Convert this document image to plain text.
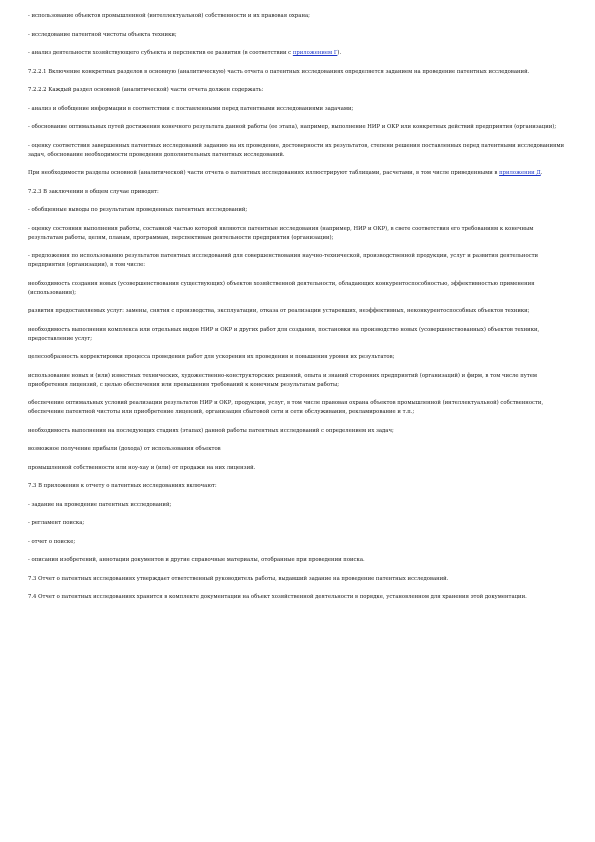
- использование объектов промышленной (интеллектуальной) собственности и их правовая охрана;

- исследование патентной чистоты объекта техники;

- анализ деятельности хозяйствующего субъекта и перспектив ее развития (в соответствии с приложением Г).

7.2.2.1 Включение конкретных разделов в основную (аналитическую) часть отчета о патентных исследованиях определяется заданием на проведение патентных исследований.

7.2.2.2 Каждый раздел основной (аналитической) части отчета должен содержать:

- анализ и обобщение информации в соответствии с поставленными перед патентными исследованиями задачами;

- обоснование оптимальных путей достижения конечного результата данной работы (ее этапа), например, выполнение НИР и ОКР или конкретных действий предприятия (организации);

- оценку соответствия завершенных патентных исследований заданию на их проведение, достоверности их результатов, степени решения поставленных перед патентными исследованиями задач, обоснование необходимости проведения дополнительных патентных исследований.

При необходимости разделы основной (аналитической) части отчета о патентных исследованиях иллюстрируют таблицами, расчетами, в том числе приведенными в приложении Д.

7.2.3 В заключении в общем случае приводят:

- обобщенные выводы по результатам проведенных патентных исследований;

- оценку состояния выполнения работы, составной частью которой являются патентные исследования (например, НИР и ОКР), в свете соответствия его требованиям к конечным результатам работы, целям, планам, программам, перспективам деятельности предприятия (организации);

- предложения по использованию результатов патентных исследований для совершенствования научно-технической, производственной продукции, услуг и развития деятельности предприятия (организации), в том числе:

необходимость создания новых (усовершенствования существующих) объектов хозяйственной деятельности, обладающих конкурентоспособностью, эффективностью применения (использования);

развития предоставляемых услуг: замены, снятия с производства, эксплуатации, отказа от реализации устаревших, неэффективных, неконкурентоспособных объектов техники;

необходимость выполнения комплекса или отдельных видов НИР и ОКР и других работ для создания, постановки на производство новых (усовершенствованных) объектов техники, предоставление услуг;

целесообразность корректировки процесса проведения работ для ускорения их проведения и повышения уровня их результатов;

использование новых и (или) известных технических, художественно-конструкторских решений, опыта и знаний сторонних предприятий (организаций) и фирм, в том числе путем приобретения лицензий, с целью обеспечения или превышения требований к конечным результатам работы;

обеспечение оптимальных условий реализации результатов НИР и ОКР, продукции, услуг, в том числе правовая охрана объектов промышленной (интеллектуальной) собственности, обеспечение патентной чистоты или приобретение лицензий, организация сбытовой сети и сети обслуживания, рекламирование и т.п.;

необходимость выполнения на последующих стадиях (этапах) данной работы патентных исследований с определением их задач;

возможное получение прибыли (дохода) от использования объектов

промышленной собственности или ноу-хау и (или) от продажи на них лицензий.

7.3 В приложения к отчету о патентных исследованиях включают:

- задание на проведение патентных исследований;

- регламент поиска;

- отчет о поиске;

- описания изобретений, аннотации документов и другие справочные материалы, отобранные при проведении поиска.

7.3 Отчет о патентных исследованиях утверждает ответственный руководитель работы, выдавший задание на проведение патентных исследований.

7.4 Отчет о патентных исследованиях хранится в комплекте документации на объект хозяйственной деятельности в порядке, установленном для хранения этой документации.
